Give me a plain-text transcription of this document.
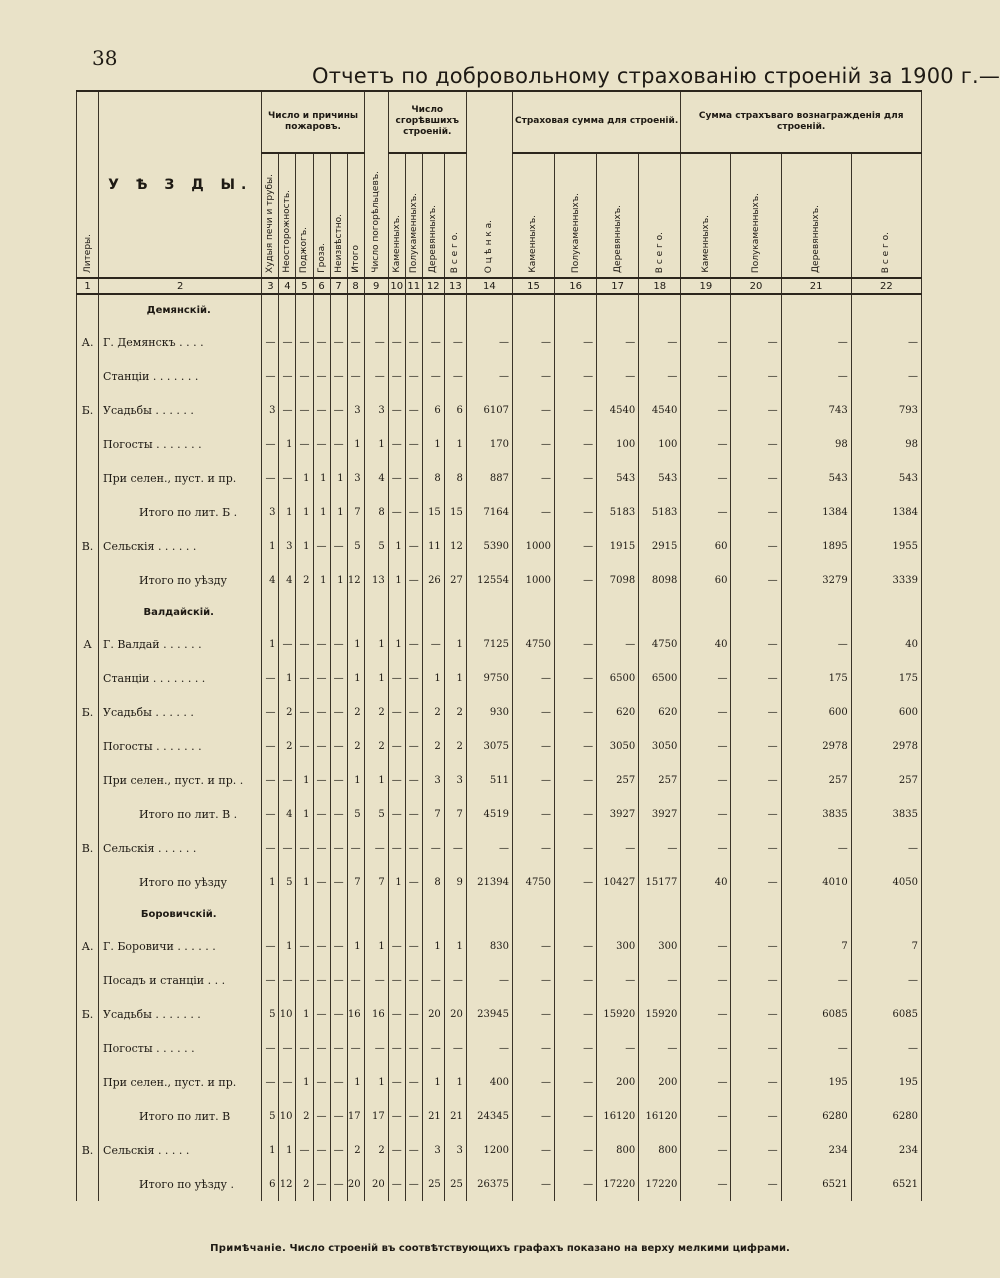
38
Отчетъ по добровольному страхованію строеній за 1900 г.—
Литеры.	У Ѣ З Д Ы.	Число и причины пожаровъ.						Число погорѣльцевъ.	Число сгорѣвшихъ строеній.				О ц ѣ н к а.	Страховая сумма для строеній.				Сумма страхъваго вознагражденія для строеній.			

		Худыя печи и трубы.	Неосторожность.	Поджогъ.	Гроза.	Неизвѣстно.	Итого		Каменныхъ.	Полукаменныхъ.	Деревянныхъ.	В с е г о.		Каменныхъ.	Полукаменныхъ.	Деревянныхъ.	В с е г о.	Каменныхъ.	Полукаменныхъ.	Деревянныхъ.	В с е г о.

1	2	3	4	5	6	7	8	9	10	11	12	13	14	15	16	17	18	19	20	21	22
	Демянскій.																				
А.	Г. Демянскъ . . . .	—	—	—	—	—	—	—	—	—	—	—	—	—	—	—	—	—	—	—	—
	Станціи . . . . . . .	—	—	—	—	—	—	—	—	—	—	—	—	—	—	—	—	—	—	—	—
Б.	Усадьбы . . . . . .	3	—	—	—	—	3	3	—	—	6	6	6107	—	—	4540	4540	—	—	743	793
	Погосты . . . . . . .	—	1	—	—	—	1	1	—	—	1	1	170	—	—	100	100	—	—	98	98
	При селен., пуст. и пр.	—	—	1	1	1	3	4	—	—	8	8	887	—	—	543	543	—	—	543	543
	Итого по лит. Б .	3	1	1	1	1	7	8	—	—	15	15	7164	—	—	5183	5183	—	—	1384	1384
В.	Сельскія . . . . . .	1	3	1	—	—	5	5	1	—	11	12	5390	1000	—	1915	2915	60	—	1895	1955
	Итого по уѣзду	4	4	2	1	1	12	13	1	—	26	27	12554	1000	—	7098	8098	60	—	3279	3339
	Валдайскій.																				
А	Г. Валдай . . . . . .	1	—	—	—	—	1	1	1	—	—	1	7125	4750	—	—	4750	40	—	—	40
	Станціи . . . . . . . .	—	1	—	—	—	1	1	—	—	1	1	9750	—	—	6500	6500	—	—	175	175
Б.	Усадьбы . . . . . .	—	2	—	—	—	2	2	—	—	2	2	930	—	—	620	620	—	—	600	600
	Погосты . . . . . . .	—	2	—	—	—	2	2	—	—	2	2	3075	—	—	3050	3050	—	—	2978	2978
	При селен., пуст. и пр. .	—	—	1	—	—	1	1	—	—	3	3	511	—	—	257	257	—	—	257	257
	Итого по лит. В .	—	4	1	—	—	5	5	—	—	7	7	4519	—	—	3927	3927	—	—	3835	3835
В.	Сельскія . . . . . .	—	—	—	—	—	—	—	—	—	—	—	—	—	—	—	—	—	—	—	—
	Итого по уѣзду	1	5	1	—	—	7	7	1	—	8	9	21394	4750	—	10427	15177	40	—	4010	4050
	Боровичскій.																				
А.	Г. Боровичи . . . . . .	—	1	—	—	—	1	1	—	—	1	1	830	—	—	300	300	—	—	7	7
	Посадъ и станціи . . .	—	—	—	—	—	—	—	—	—	—	—	—	—	—	—	—	—	—	—	—
Б.	Усадьбы . . . . . . .	5	10	1	—	—	16	16	—	—	20	20	23945	—	—	15920	15920	—	—	6085	6085
	Погосты . . . . . .	—	—	—	—	—	—	—	—	—	—	—	—	—	—	—	—	—	—	—	—
	При селен., пуст. и пр.	—	—	1	—	—	1	1	—	—	1	1	400	—	—	200	200	—	—	195	195
	Итого по лит. В	5	10	2	—	—	17	17	—	—	21	21	24345	—	—	16120	16120	—	—	6280	6280
В.	Сельскія . . . . .	1	1	—	—	—	2	2	—	—	3	3	1200	—	—	800	800	—	—	234	234
	Итого по уѣзду .	6	12	2	—	—	20	20	—	—	25	25	26375	—	—	17220	17220	—	—	6521	6521
Примѣчаніе. Число строеній въ соотвѣтствующихъ графахъ показано на верху мелкими цифрами.
